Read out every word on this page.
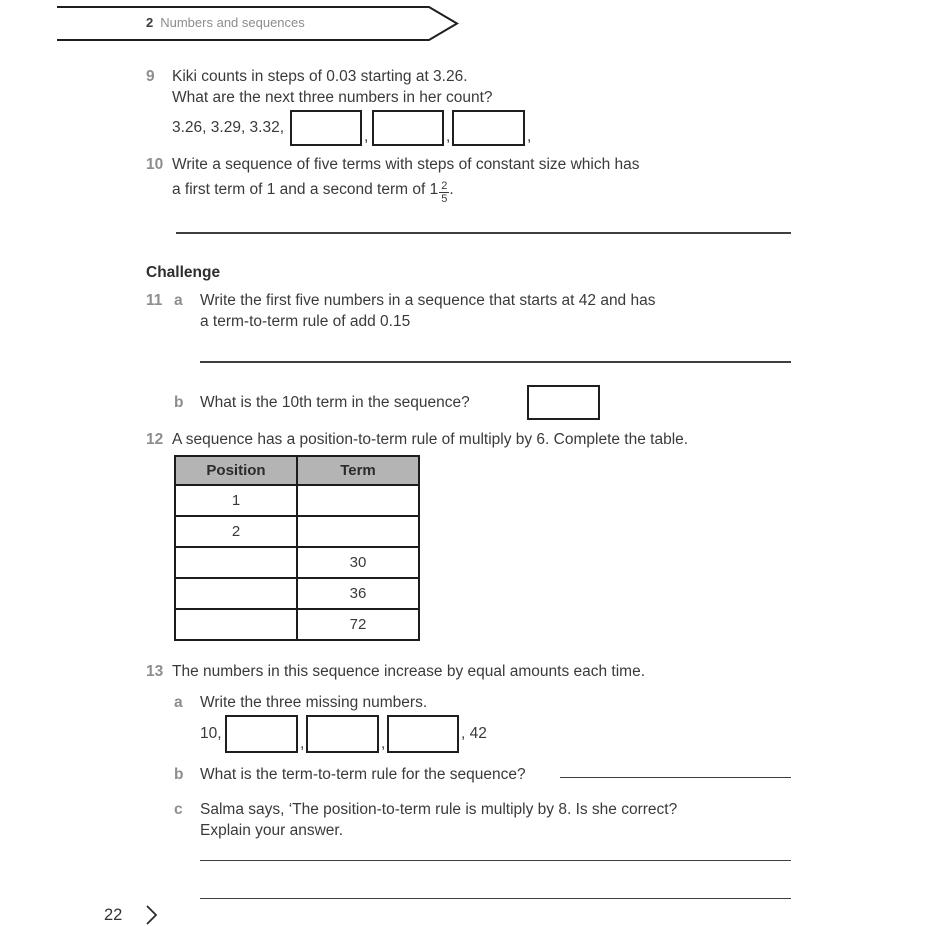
2 Numbers and sequences
9 Kiki counts in steps of 0.03 starting at 3.26.
What are the next three numbers in her count?
3.26, 3.29, 3.32,
,	,	,
10 Write a sequence of five terms with steps of constant size which has
a first term of 1 and a second term of $1 \frac{2}{5}$ .
Challenge
11 a Write the first five numbers in a sequence that starts at 42 and has
a term-to-term rule of add 0.15
b What is the 10th term in the sequence?
12 A sequence has a position-to-term rule of multiply by 6. Complete the table.
Position	Term
1	
2	
	30
	36
	72
13 The numbers in this sequence increase by equal amounts each time.
a Write the three missing numbers.
10,
,	,
, 42
b What is the term-to-term rule for the sequence?
c Salma says, ‘The position-to-term rule is multiply by 8. Is she correct?
Explain your answer.
22
